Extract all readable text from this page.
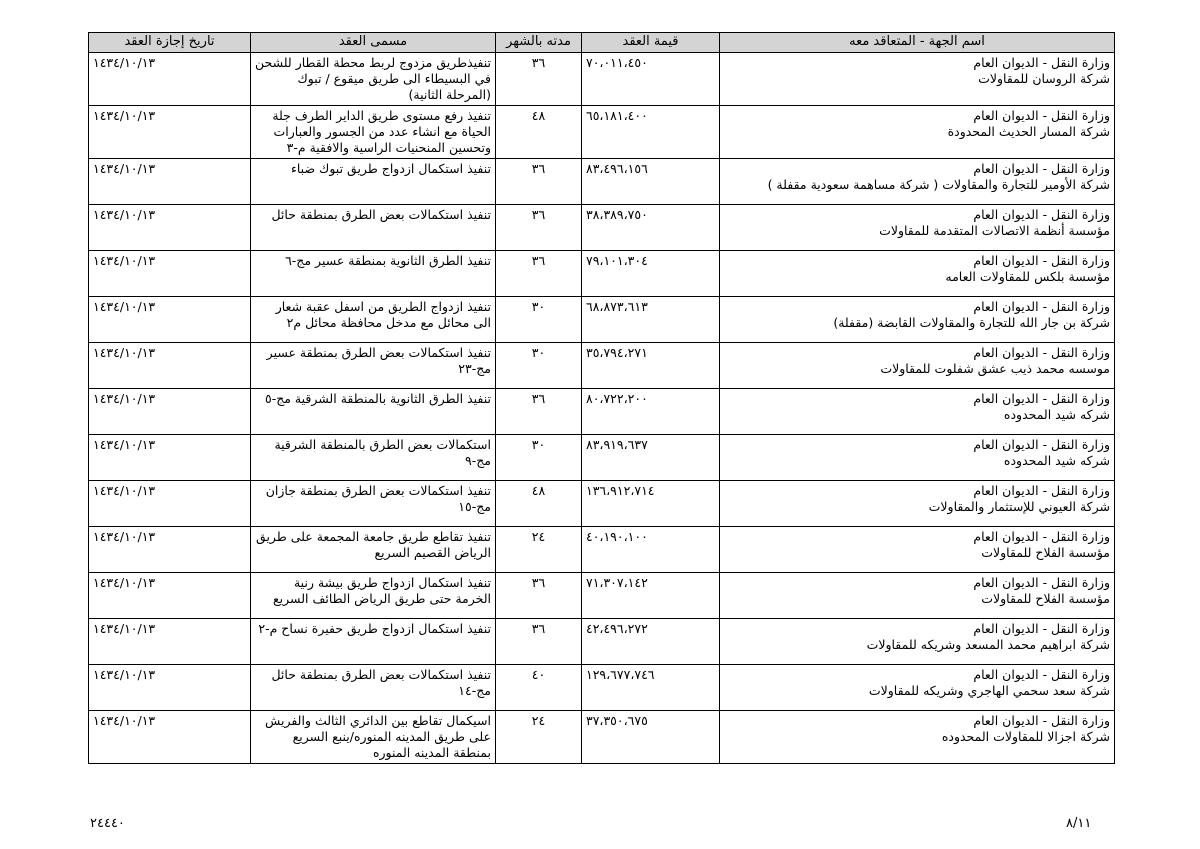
اسم الجهة - المتعاقد معه	قيمة العقد	مدته بالشهر	مسمى العقد	تاريخ إجازة العقد

وزارة النقل - الديوان العام
شركة الروسان للمقاولات	٧٠،٠١١،٤٥٠	٣٦	تنفيذطريق مزدوج لربط محطة القطار للشحن في البسيطاء الى طريق ميقوع / تبوك (المرحلة الثانية)	١٤٣٤/١٠/١٣

وزارة النقل - الديوان العام
شركة المسار الحديث المحدودة	٦٥،١٨١،٤٠٠	٤٨	تنفيذ رفع مستوى طريق الداير الطرف جلة الحياة مع انشاء عدد من الجسور والعبارات وتحسين المنحنيات الراسية والافقية م-٣	١٤٣٤/١٠/١٣

وزارة النقل - الديوان العام
شركة الأومير للتجارة والمقاولات ( شركة مساهمة سعودية مقفلة )	٨٣،٤٩٦،١٥٦	٣٦	تنفيذ استكمال ازدواج طريق تبوك ضباء	١٤٣٤/١٠/١٣

وزارة النقل - الديوان العام
مؤسسة أنظمة الاتصالات المتقدمة للمقاولات	٣٨،٣٨٩،٧٥٠	٣٦	تنفيذ استكمالات بعض الطرق بمنطقة حائل	١٤٣٤/١٠/١٣

وزارة النقل - الديوان العام
مؤسسة بلكس للمقاولات العامه	٧٩،١٠١،٣٠٤	٣٦	تنفيذ الطرق الثانوية بمنطقة عسير مج-٦	١٤٣٤/١٠/١٣

وزارة النقل - الديوان العام
شركة بن جار الله للتجارة والمقاولات القابضة (مقفلة)	٦٨،٨٧٣،٦١٣	٣٠	تنفيذ ازدواج الطريق من اسفل عقبة شعار الى محائل مع مدخل محافظة محائل م٢	١٤٣٤/١٠/١٣

وزارة النقل - الديوان العام
موسسه محمد ذيب عشق شفلوت للمقاولات	٣٥،٧٩٤،٢٧١	٣٠	تنفيذ استكمالات بعض الطرق بمنطقة عسير مج-٢٣	١٤٣٤/١٠/١٣

وزارة النقل - الديوان العام
شركه شيد المحدوده	٨٠،٧٢٢،٢٠٠	٣٦	تنفيذ الطرق الثانوية بالمنطقة الشرقية مج-٥	١٤٣٤/١٠/١٣

وزارة النقل - الديوان العام
شركه شيد المحدوده	٨٣،٩١٩،٦٣٧	٣٠	استكمالات بعض الطرق بالمنطقة الشرقية مج-٩	١٤٣٤/١٠/١٣

وزارة النقل - الديوان العام
شركة العيوني للإستثمار والمقاولات	١٣٦،٩١٢،٧١٤	٤٨	تنفيذ استكمالات بعض الطرق بمنطقة جازان مج-١٥	١٤٣٤/١٠/١٣

وزارة النقل - الديوان العام
مؤسسة الفلاح للمقاولات	٤٠،١٩٠،١٠٠	٢٤	تنفيذ تقاطع طريق جامعة المجمعة على طريق الرياض القصيم السريع	١٤٣٤/١٠/١٣

وزارة النقل - الديوان العام
مؤسسة الفلاح للمقاولات	٧١،٣٠٧،١٤٢	٣٦	تنفيذ استكمال ازدواج طريق بيشة رنية الخرمة حتى طريق الرياض الطائف السريع	١٤٣٤/١٠/١٣

وزارة النقل - الديوان العام
شركة ابراهيم محمد المسعد وشريكه للمقاولات	٤٢،٤٩٦،٢٧٢	٣٦	تنفيذ استكمال ازدواج طريق حفيرة نساح م-٢	١٤٣٤/١٠/١٣

وزارة النقل - الديوان العام
شركة سعد سحمي الهاجري وشريكه للمقاولات	١٢٩،٦٧٧،٧٤٦	٤٠	تنفيذ استكمالات بعض الطرق بمنطقة حائل مج-١٤	١٤٣٤/١٠/١٣

وزارة النقل - الديوان العام
شركة اجزالا للمقاولات المحدوده	٣٧،٣٥٠،٦٧٥	٢٤	اسيكمال تقاطع بين الدائري الثالث والفريش على طريق المدينه المنوره/ينبع السريع بمنطقة المدينه المنوره	١٤٣٤/١٠/١٣
٢٤٤٤٠	٨/١١
